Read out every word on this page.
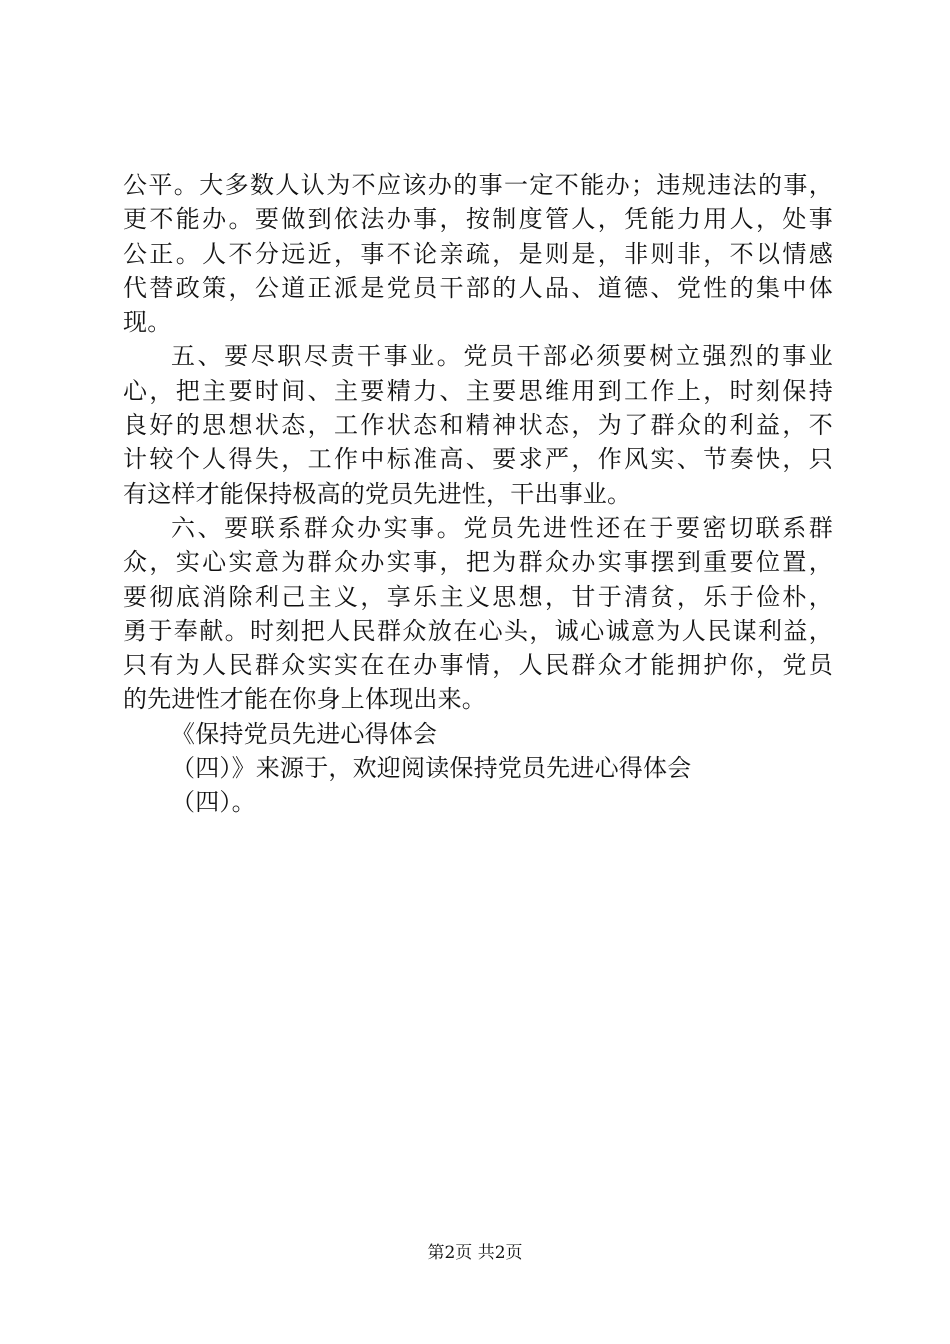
公平。大多数人认为不应该办的事一定不能办；违规违法的事，
更不能办。要做到依法办事，按制度管人，凭能力用人，处事
公正。人不分远近，事不论亲疏，是则是，非则非，不以情感
代替政策，公道正派是党员干部的人品、道德、党性的集中体
现。
五、要尽职尽责干事业。党员干部必须要树立强烈的事业
心，把主要时间、主要精力、主要思维用到工作上，时刻保持
良好的思想状态，工作状态和精神状态，为了群众的利益，不
计较个人得失，工作中标准高、要求严，作风实、节奏快，只
有这样才能保持极高的党员先进性，干出事业。
六、要联系群众办实事。党员先进性还在于要密切联系群
众，实心实意为群众办实事，把为群众办实事摆到重要位置，
要彻底消除利己主义，享乐主义思想，甘于清贫，乐于俭朴，
勇于奉献。时刻把人民群众放在心头，诚心诚意为人民谋利益，
只有为人民群众实实在在办事情，人民群众才能拥护你，党员
的先进性才能在你身上体现出来。
《保持党员先进心得体会
（四）》来源于，欢迎阅读保持党员先进心得体会
（四）。
第2页 共2页
